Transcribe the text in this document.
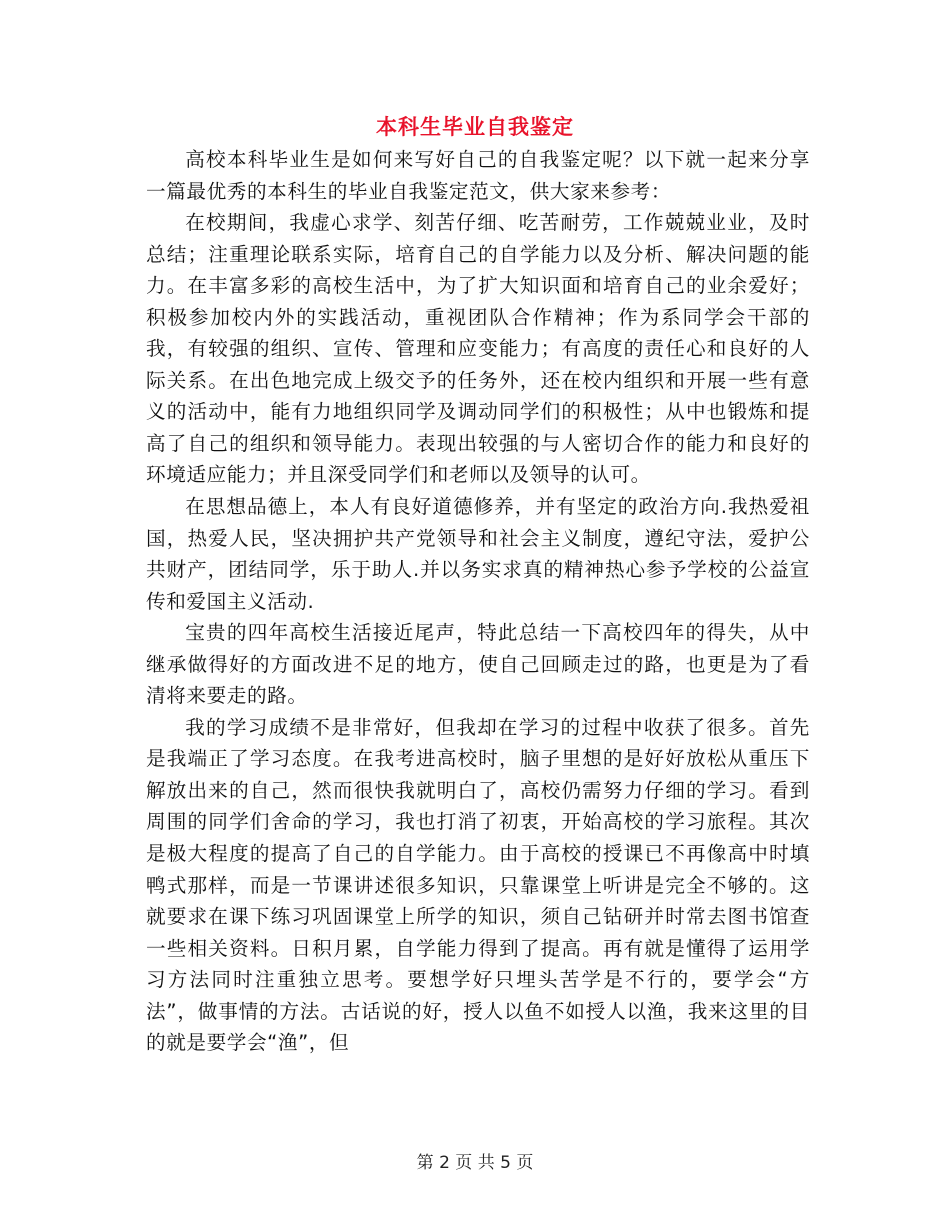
本科生毕业自我鉴定

高校本科毕业生是如何来写好自己的自我鉴定呢？以下就一起来分享一篇最优秀的本科生的毕业自我鉴定范文，供大家来参考：

在校期间，我虚心求学、刻苦仔细、吃苦耐劳，工作兢兢业业，及时总结；注重理论联系实际，培育自己的自学能力以及分析、解决问题的能力。在丰富多彩的高校生活中，为了扩大知识面和培育自己的业余爱好；积极参加校内外的实践活动，重视团队合作精神；作为系同学会干部的我，有较强的组织、宣传、管理和应变能力；有高度的责任心和良好的人际关系。在出色地完成上级交予的任务外，还在校内组织和开展一些有意义的活动中，能有力地组织同学及调动同学们的积极性；从中也锻炼和提高了自己的组织和领导能力。表现出较强的与人密切合作的能力和良好的环境适应能力；并且深受同学们和老师以及领导的认可。

在思想品德上，本人有良好道德修养，并有坚定的政治方向.我热爱祖国，热爱人民，坚决拥护共产党领导和社会主义制度，遵纪守法，爱护公共财产，团结同学，乐于助人.并以务实求真的精神热心参予学校的公益宣传和爱国主义活动.

宝贵的四年高校生活接近尾声，特此总结一下高校四年的得失，从中继承做得好的方面改进不足的地方，使自己回顾走过的路，也更是为了看清将来要走的路。

我的学习成绩不是非常好，但我却在学习的过程中收获了很多。首先是我端正了学习态度。在我考进高校时，脑子里想的是好好放松从重压下解放出来的自己，然而很快我就明白了，高校仍需努力仔细的学习。看到周围的同学们舍命的学习，我也打消了初衷，开始高校的学习旅程。其次是极大程度的提高了自己的自学能力。由于高校的授课已不再像高中时填鸭式那样，而是一节课讲述很多知识，只靠课堂上听讲是完全不够的。这就要求在课下练习巩固课堂上所学的知识，须自己钻研并时常去图书馆查一些相关资料。日积月累，自学能力得到了提高。再有就是懂得了运用学习方法同时注重独立思考。要想学好只埋头苦学是不行的，要学会“方法”，做事情的方法。古话说的好，授人以鱼不如授人以渔，我来这里的目的就是要学会“渔”，但

第 2 页 共 5 页
